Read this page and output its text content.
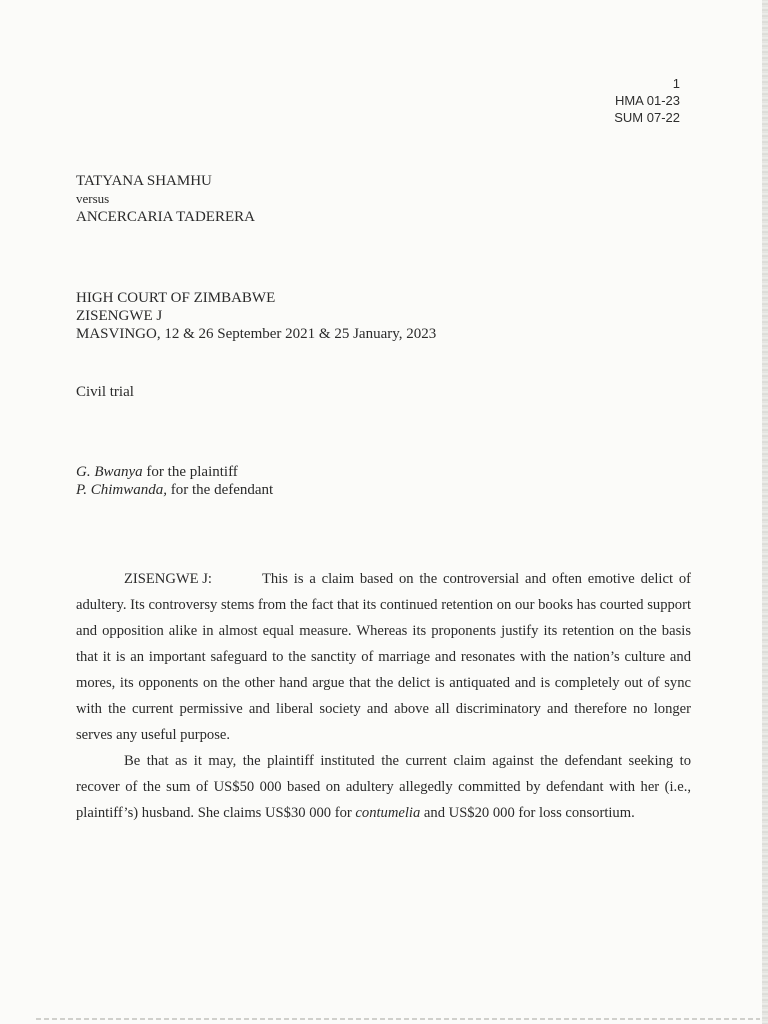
1
HMA 01-23
SUM 07-22
TATYANA SHAMHU
versus
ANCERCARIA TADERERA
HIGH COURT OF ZIMBABWE
ZISENGWE J
MASVINGO, 12 & 26 September 2021 & 25 January, 2023
Civil trial
G. Bwanya for the plaintiff
P. Chimwanda, for the defendant

ZISENGWE J:	This is a claim based on the controversial and often emotive delict of adultery. Its controversy stems from the fact that its continued retention on our books has courted support and opposition alike in almost equal measure. Whereas its proponents justify its retention on the basis that it is an important safeguard to the sanctity of marriage and resonates with the nation’s culture and mores, its opponents on the other hand argue that the delict is antiquated and is completely out of sync with the current permissive and liberal society and above all discriminatory and therefore no longer serves any useful purpose.

Be that as it may, the plaintiff instituted the current claim against the defendant seeking to recover of the sum of US$50 000 based on adultery allegedly committed by defendant with her (i.e., plaintiff’s) husband. She claims US$30 000 for contumelia and US$20 000 for loss consortium.
